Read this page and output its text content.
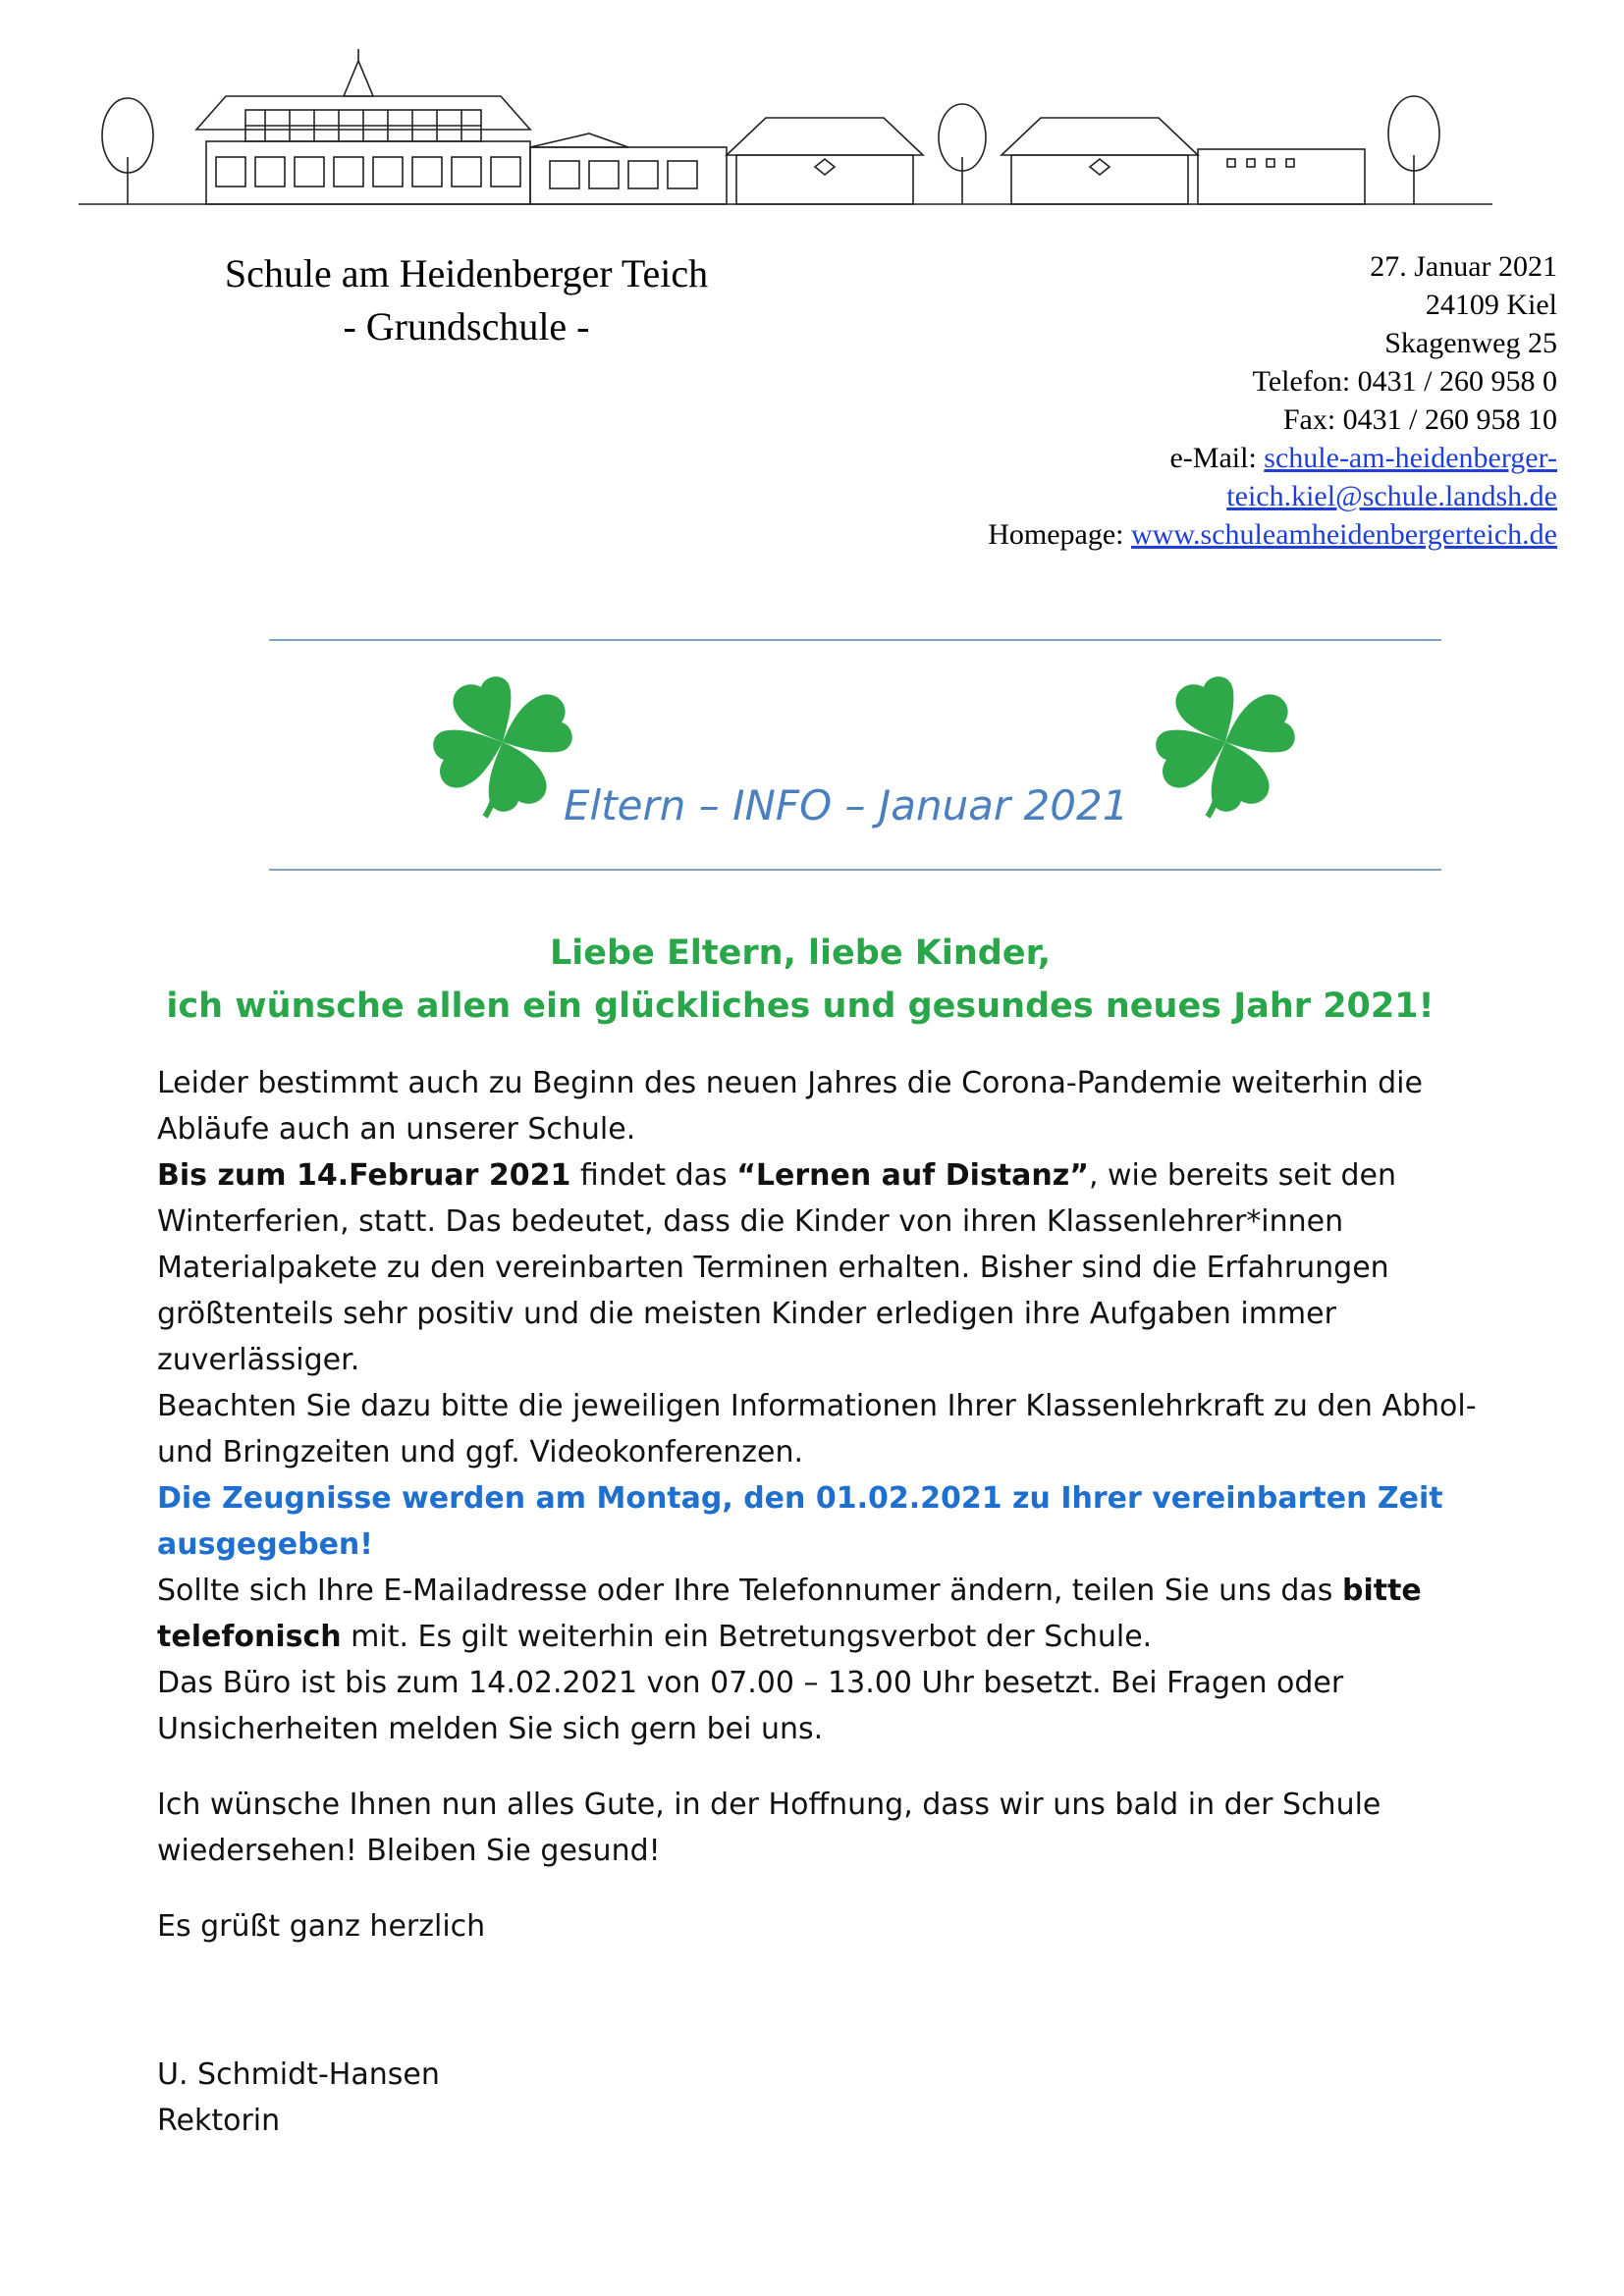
Schule am Heidenberger Teich
- Grundschule -
27. Januar 2021
24109 Kiel
Skagenweg 25
Telefon: 0431 / 260 958 0
Fax: 0431 / 260 958 10
e-Mail: schule-am-heidenberger-
teich.kiel@schule.landsh.de
Homepage: www.schuleamheidenbergerteich.de
Eltern – INFO – Januar 2021
Liebe Eltern, liebe Kinder,
ich wünsche allen ein glückliches und gesundes neues Jahr 2021!

Leider bestimmt auch zu Beginn des neuen Jahres die Corona-Pandemie weiterhin die Abläufe auch an unserer Schule.

Bis zum 14.Februar 2021 findet das “Lernen auf Distanz”, wie bereits seit den Winterferien, statt. Das bedeutet, dass die Kinder von ihren Klassenlehrer*innen Materialpakete zu den vereinbarten Terminen erhalten. Bisher sind die Erfahrungen größtenteils sehr positiv und die meisten Kinder erledigen ihre Aufgaben immer zuverlässiger.

Beachten Sie dazu bitte die jeweiligen Informationen Ihrer Klassenlehrkraft zu den Abhol- und Bringzeiten und ggf. Videokonferenzen.

Die Zeugnisse werden am Montag, den 01.02.2021 zu Ihrer vereinbarten Zeit ausgegeben!

Sollte sich Ihre E-Mailadresse oder Ihre Telefonnumer ändern, teilen Sie uns das bitte telefonisch mit. Es gilt weiterhin ein Betretungsverbot der Schule.

Das Büro ist bis zum 14.02.2021 von 07.00 – 13.00 Uhr besetzt. Bei Fragen oder Unsicherheiten melden Sie sich gern bei uns.

Ich wünsche Ihnen nun alles Gute, in der Hoffnung, dass wir uns bald in der Schule wiedersehen! Bleiben Sie gesund!

Es grüßt ganz herzlich

U. Schmidt-Hansen
Rektorin
